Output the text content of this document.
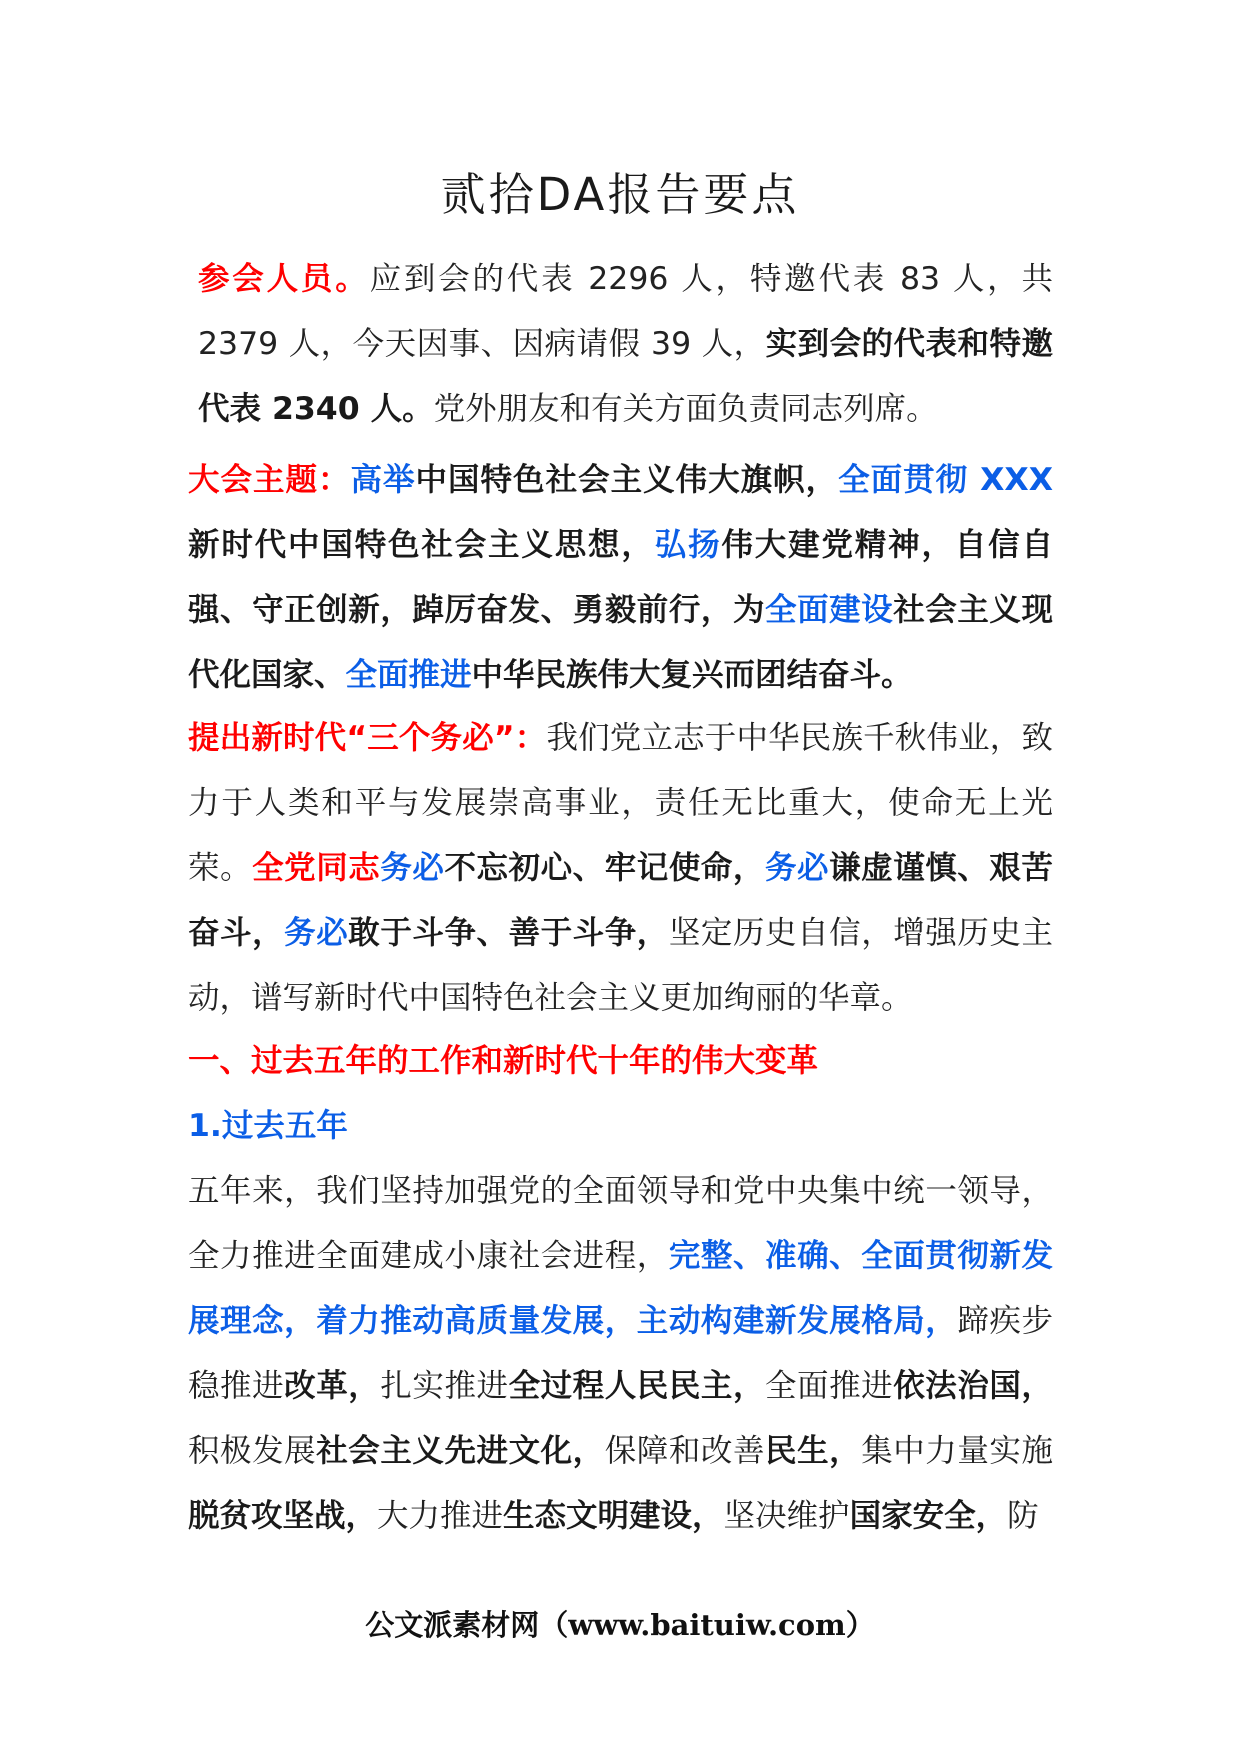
贰拾DA报告要点
参会人员。应到会的代表 2296 人，特邀代表 83 人，共 2379 人，今天因事、因病请假 39 人，实到会的代表和特邀代表 2340 人。党外朋友和有关方面负责同志列席。
大会主题：高举中国特色社会主义伟大旗帜，全面贯彻 XXX新时代中国特色社会主义思想，弘扬伟大建党精神，自信自强、守正创新，踔厉奋发、勇毅前行，为全面建设社会主义现代化国家、全面推进中华民族伟大复兴而团结奋斗。
提出新时代“三个务必”：我们党立志于中华民族千秋伟业，致力于人类和平与发展崇高事业，责任无比重大，使命无上光荣。全党同志务必不忘初心、牢记使命，务必谦虚谨慎、艰苦奋斗，务必敢于斗争、善于斗争，坚定历史自信，增强历史主动，谱写新时代中国特色社会主义更加绚丽的华章。
一、过去五年的工作和新时代十年的伟大变革
1.过去五年
五年来，我们坚持加强党的全面领导和党中央集中统一领导，全力推进全面建成小康社会进程，完整、准确、全面贯彻新发展理念，着力推动高质量发展，主动构建新发展格局，蹄疾步稳推进改革，扎实推进全过程人民民主，全面推进依法治国，积极发展社会主义先进文化，保障和改善民生，集中力量实施脱贫攻坚战，大力推进生态文明建设，坚决维护国家安全，防
公文派素材网（www.baituiw.com）
